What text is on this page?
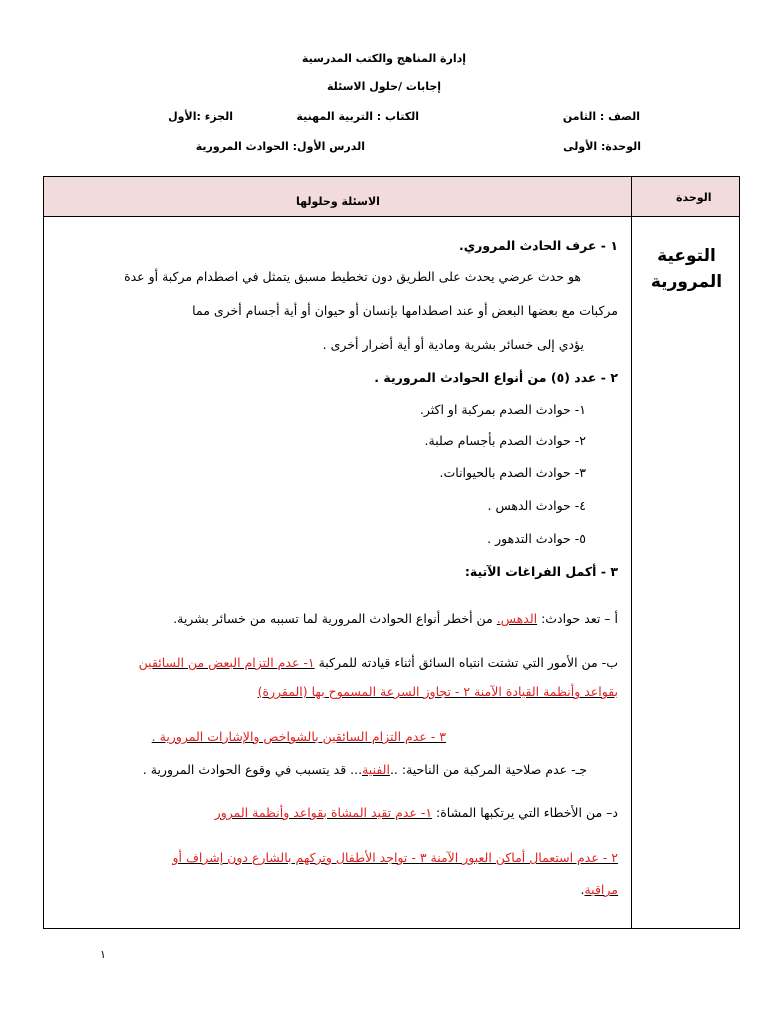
إدارة المناهج والكتب المدرسية
إجابات /حلول الاسئلة
الصف : الثامن
الكتاب : التربية المهنية
الجزء :الأول
الوحدة: الأولى
الدرس الأول: الحوادث المرورية
الوحدة
الاسئلة وحلولها
التوعية
المرورية
١ - عرف الحادث المروري.
هو حدث عرضي يحدث على الطريق دون تخطيط مسبق يتمثل في اصطدام مركبة أو عدة
مركبات مع بعضها البعض أو عند اصطدامها بإنسان أو حيوان أو أية أجسام أخرى مما
يؤدي إلى خسائر بشرية ومادية أو أية أضرار أخرى .
٢ - عدد (٥) من أنواع الحوادث المرورية .
١- حوادث الصدم بمركبة او اكثر.
٢- حوادث الصدم بأجسام صلبة.
٣- حوادث الصدم بالحيوانات.
٤- حوادث الدهس .
٥- حوادث التدهور .
٣ - أكمل الفراغات الآتية:
أ – تعد حوادث: الدهس. من أخطر أنواع الحوادث المرورية لما تسببه من خسائر بشرية.
ب- من الأمور التي تشتت انتباه السائق أثناء قيادته للمركبة ١- عدم التزام البعض من السائقين
بقواعد وأنظمة القيادة الآمنة ٢ - تجاوز السرعة المسموح بها (المقررة)
٣ - عدم التزام السائقين بالشواخص والإشارات المرورية .
جـ- عدم صلاحية المركبة من الناحية: ..الفنية... قد يتسبب في وقوع الحوادث المرورية .
د– من الأخطاء التي يرتكبها المشاة: ١- عدم تقيد المشاة بقواعد وأنظمة المرور
٢ - عدم استعمال أماكن العبور الآمنة ٣ - تواجد الأطفال وتركهم بالشارع دون إشراف أو
مراقبة.
١
